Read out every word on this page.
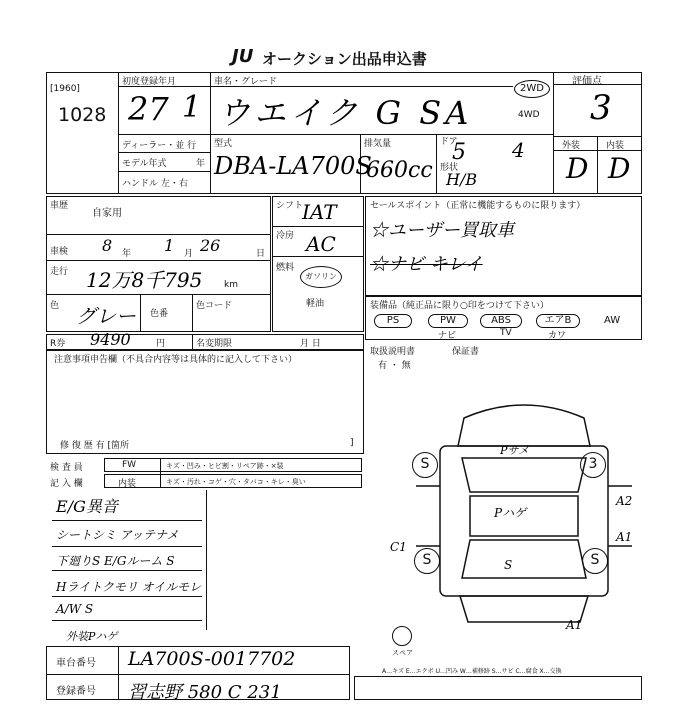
JU オークション出品申込書
[1960]
1028
初度登録年月
27 1
車名・グレード
ウエイク G SA
2WD
4WD
評価点
3
外装	内装
D D
ディーラー・並 行
モデル年式	年
ハンドル 左・右
型式
DBA-LA700S
排気量
660cc
ドア
5 4
形状
H/B
車歴
自家用
車検 8 年 1 月 26	日
走行 12万8千795 km
色 グレー 色番
色コード
シフト
IAT
冷房 AC
燃料
ガソリン
軽油
セールスポイント（正常に機能するものに限ります）
☆ユーザー買取車
☆ナビ キレイ
装備品（純正品に限り○印をつけて下さい）
PS	PW	ABS	エアB	AW
ナビ	TV	カワ
取扱説明書
有 ・ 無
保証書
R券 9490	円	名変期限	月 日
注意事項申告欄（不具合内容等は具体的に記入して下さい）
修 復 歴 有 [箇所	]
検 査 員
記 入 欄
FW	キズ・凹み・ヒビ割・リペア跡・×装
内装	キズ・汚れ・コゲ・穴・タバコ・キレ・臭い
E/G異音
シートシミ アッテナメ
下廻りS E/Gルーム S
Hライトクモリ オイルモレ
A/W S
外装Pハゲ
S	3
S	S
Pサメ
Pハゲ
S
A2
A1
C1
A1
スペア
車台番号 LA700S-0017702
登録番号 習志野 580 C 231
A…キズ E…エクボ U…凹み W…補修跡 S…サビ C…腐食 X…交換
